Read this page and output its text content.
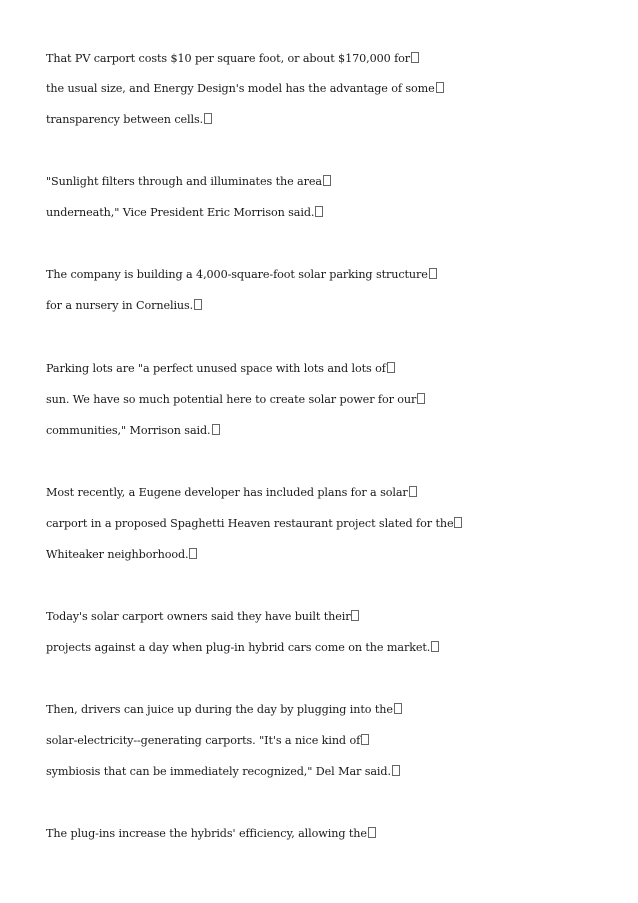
That PV carport costs $10 per square foot, or about $170,000 for
the usual size, and Energy Design's model has the advantage of some
transparency between cells.
"Sunlight filters through and illuminates the area
underneath," Vice President Eric Morrison said.
The company is building a 4,000-square-foot solar parking structure
for a nursery in Cornelius.
Parking lots are "a perfect unused space with lots and lots of
sun. We have so much potential here to create solar power for our
communities," Morrison said.
Most recently, a Eugene developer has included plans for a solar
carport in a proposed Spaghetti Heaven restaurant project slated for the
Whiteaker neighborhood.
Today's solar carport owners said they have built their
projects against a day when plug-in hybrid cars come on the market.
Then, drivers can juice up during the day by plugging into the
solar-electricity--generating carports. "It's a nice kind of
symbiosis that can be immediately recognized," Del Mar said.
The plug-ins increase the hybrids' efficiency, allowing the
